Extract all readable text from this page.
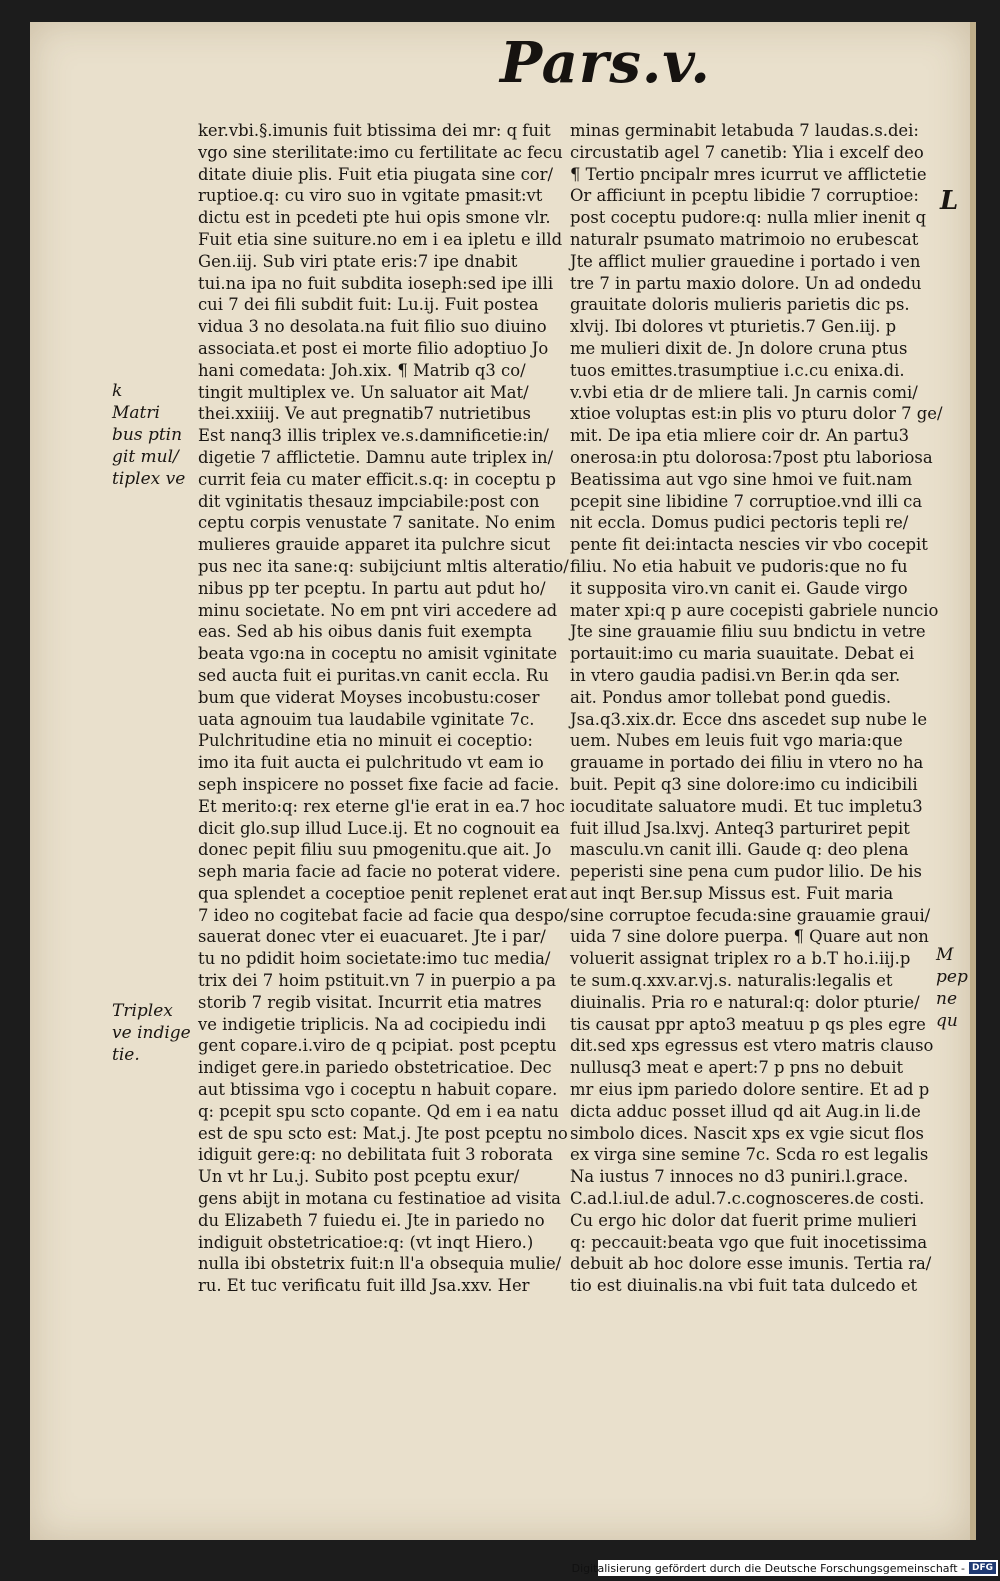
Pars.v.
k
Matri
bus ptin
git mul/
tiplex ve
Triplex
ve indige
tie.
L
M
pep
ne
qu
ker.vbi.§.imunis fuit btissima dei mr: q fuit
vgo sine sterilitate:imo cu fertilitate ac fecu
ditate diuie plis. Fuit etia piugata sine cor/
ruptioe.q: cu viro suo in vgitate pmasit:vt
dictu est in pcedeti pte hui opis smone vlr.
Fuit etia sine suiture.no em i ea ipletu e illd
Gen.iij. Sub viri ptate eris:7 ipe dnabit
tui.na ipa no fuit subdita ioseph:sed ipe illi
cui 7 dei fili subdit fuit: Lu.ij. Fuit postea
vidua 3 no desolata.na fuit filio suo diuino
associata.et post ei morte filio adoptiuo Jo
hani comedata: Joh.xix. ¶ Matrib q3 co/
tingit multiplex ve. Un saluator ait Mat/
thei.xxiiij. Ve aut pregnatib7 nutrietibus
Est nanq3 illis triplex ve.s.damnificetie:in/
digetie 7 afflictetie. Damnu aute triplex in/
currit feia cu mater efficit.s.q: in coceptu p
dit vginitatis thesauz impciabile:post con
ceptu corpis venustate 7 sanitate. No enim
mulieres grauide apparet ita pulchre sicut
pus nec ita sane:q: subijciunt mltis alteratio/
nibus pp ter pceptu. In partu aut pdut ho/
minu societate. No em pnt viri accedere ad
eas. Sed ab his oibus danis fuit exempta
beata vgo:na in coceptu no amisit vginitate
sed aucta fuit ei puritas.vn canit eccla. Ru
bum que viderat Moyses incobustu:coser
uata agnouim tua laudabile vginitate 7c.
Pulchritudine etia no minuit ei coceptio:
imo ita fuit aucta ei pulchritudo vt eam io
seph inspicere no posset fixe facie ad facie.
Et merito:q: rex eterne gl'ie erat in ea.7 hoc
dicit glo.sup illud Luce.ij. Et no cognouit ea
donec pepit filiu suu pmogenitu.que ait. Jo
seph maria facie ad facie no poterat videre.
qua splendet a coceptioe penit replenet erat
7 ideo no cogitebat facie ad facie qua despo/
sauerat donec vter ei euacuaret. Jte i par/
tu no pdidit hoim societate:imo tuc media/
trix dei 7 hoim pstituit.vn 7 in puerpio a pa
storib 7 regib visitat. Incurrit etia matres
ve indigetie triplicis. Na ad cocipiedu indi
gent copare.i.viro de q pcipiat. post pceptu
indiget gere.in pariedo obstetricatioe. Dec
aut btissima vgo i coceptu n habuit copare.
q: pcepit spu scto copante. Qd em i ea natu
est de spu scto est: Mat.j. Jte post pceptu no
idiguit gere:q: no debilitata fuit 3 roborata
Un vt hr Lu.j. Subito post pceptu exur/
gens abijt in motana cu festinatioe ad visita
du Elizabeth 7 fuiedu ei. Jte in pariedo no
indiguit obstetricatioe:q: (vt inqt Hiero.)
nulla ibi obstetrix fuit:n ll'a obsequia mulie/
ru. Et tuc verificatu fuit illd Jsa.xxv. Her
minas germinabit letabuda 7 laudas.s.dei:
circustatib agel 7 canetib: Ylia i excelf deo
¶ Tertio pncipalr mres icurrut ve afflictetie
Or afficiunt in pceptu libidie 7 corruptioe:
post coceptu pudore:q: nulla mlier inenit q
naturalr psumato matrimoio no erubescat
Jte afflict mulier grauedine i portado i ven
tre 7 in partu maxio dolore. Un ad ondedu
grauitate doloris mulieris parietis dic ps.
xlvij. Ibi dolores vt pturietis.7 Gen.iij. p
me mulieri dixit de. Jn dolore cruna ptus
tuos emittes.trasumptiue i.c.cu enixa.di.
v.vbi etia dr de mliere tali. Jn carnis comi/
xtioe voluptas est:in plis vo pturu dolor 7 ge/
mit. De ipa etia mliere coir dr. An partu3
onerosa:in ptu dolorosa:7post ptu laboriosa
Beatissima aut vgo sine hmoi ve fuit.nam
pcepit sine libidine 7 corruptioe.vnd illi ca
nit eccla. Domus pudici pectoris tepli re/
pente fit dei:intacta nescies vir vbo cocepit
filiu. No etia habuit ve pudoris:que no fu
it supposita viro.vn canit ei. Gaude virgo
mater xpi:q p aure cocepisti gabriele nuncio
Jte sine grauamie filiu suu bndictu in vetre
portauit:imo cu maria suauitate. Debat ei
in vtero gaudia padisi.vn Ber.in qda ser.
ait. Pondus amor tollebat pond guedis.
Jsa.q3.xix.dr. Ecce dns ascedet sup nube le
uem. Nubes em leuis fuit vgo maria:que
grauame in portado dei filiu in vtero no ha
buit. Pepit q3 sine dolore:imo cu indicibili
iocuditate saluatore mudi. Et tuc impletu3
fuit illud Jsa.lxvj. Anteq3 parturiret pepit
masculu.vn canit illi. Gaude q: deo plena
peperisti sine pena cum pudor lilio. De his
aut inqt Ber.sup Missus est. Fuit maria
sine corruptoe fecuda:sine grauamie graui/
uida 7 sine dolore puerpa. ¶ Quare aut non
voluerit assignat triplex ro a b.T ho.i.iij.p
te sum.q.xxv.ar.vj.s. naturalis:legalis et
diuinalis. Pria ro e natural:q: dolor pturie/
tis causat ppr apto3 meatuu p qs ples egre
dit.sed xps egressus est vtero matris clauso
nullusq3 meat e apert:7 p pns no debuit
mr eius ipm pariedo dolore sentire. Et ad p
dicta adduc posset illud qd ait Aug.in li.de
simbolo dices. Nascit xps ex vgie sicut flos
ex virga sine semine 7c. Scda ro est legalis
Na iustus 7 innoces no d3 puniri.l.grace.
C.ad.l.iul.de adul.7.c.cognosceres.de costi.
Cu ergo hic dolor dat fuerit prime mulieri
q: peccauit:beata vgo que fuit inocetissima
debuit ab hoc dolore esse imunis. Tertia ra/
tio est diuinalis.na vbi fuit tata dulcedo et
Digitalisierung gefördert durch die Deutsche Forschungsgemeinschaft - DFG
